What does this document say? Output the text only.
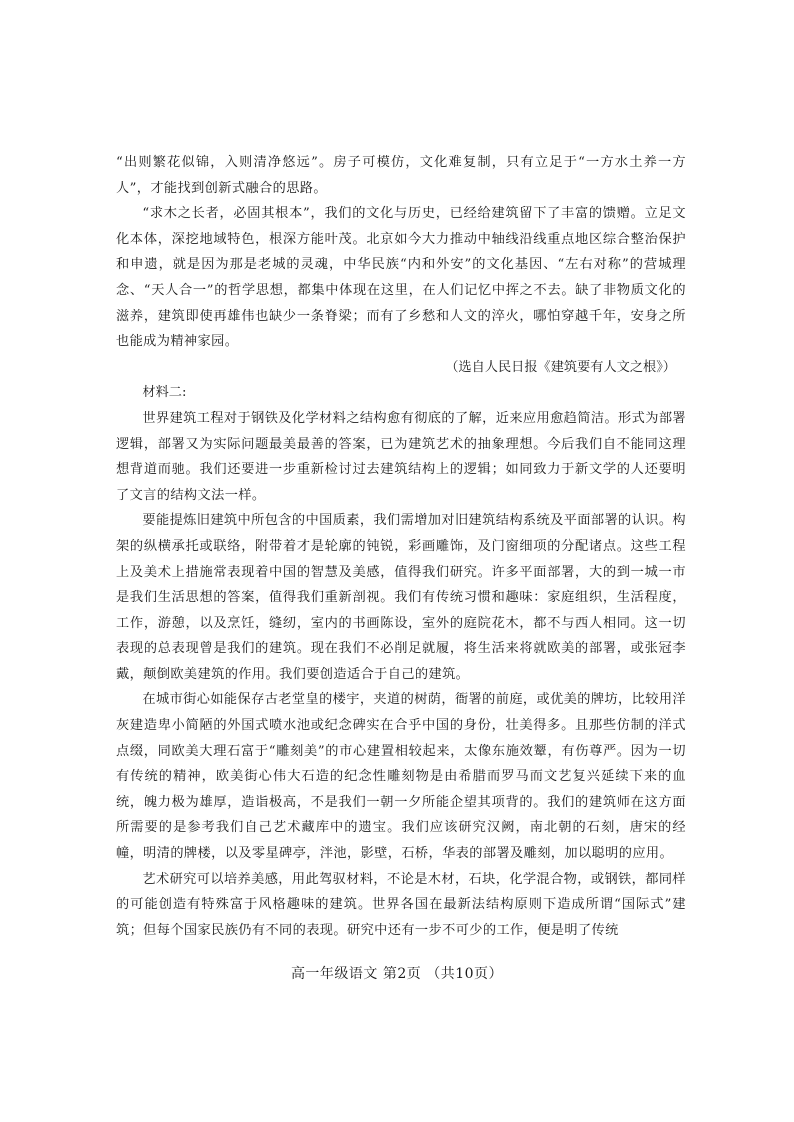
“出则繁花似锦，入则清净悠远”。房子可模仿，文化难复制，只有立足于“一方水土养一方人”，才能找到创新式融合的思路。

“求木之长者，必固其根本”，我们的文化与历史，已经给建筑留下了丰富的馈赠。立足文化本体，深挖地域特色，根深方能叶茂。北京如今大力推动中轴线沿线重点地区综合整治保护和申遗，就是因为那是老城的灵魂，中华民族“内和外安”的文化基因、“左右对称”的营城理念、“天人合一”的哲学思想，都集中体现在这里，在人们记忆中挥之不去。缺了非物质文化的滋养，建筑即使再雄伟也缺少一条脊梁；而有了乡愁和人文的淬火，哪怕穿越千年，安身之所也能成为精神家园。

（选自人民日报《建筑要有人文之根》）

材料二:

世界建筑工程对于钢铁及化学材料之结构愈有彻底的了解，近来应用愈趋简洁。形式为部署逻辑，部署又为实际问题最美最善的答案，已为建筑艺术的抽象理想。今后我们自不能同这理想背道而驰。我们还要进一步重新检讨过去建筑结构上的逻辑；如同致力于新文学的人还要明了文言的结构文法一样。

要能提炼旧建筑中所包含的中国质素，我们需增加对旧建筑结构系统及平面部署的认识。构架的纵横承托或联络，附带着才是轮廓的钝锐，彩画雕饰，及门窗细项的分配诸点。这些工程上及美术上措施常表现着中国的智慧及美感，值得我们研究。许多平面部署，大的到一城一市是我们生活思想的答案，值得我们重新剖视。我们有传统习惯和趣味：家庭组织，生活程度，工作，游憩，以及烹饪，缝纫，室内的书画陈设，室外的庭院花木，都不与西人相同。这一切表现的总表现曾是我们的建筑。现在我们不必削足就履，将生活来将就欧美的部署，或张冠李戴，颠倒欧美建筑的作用。我们要创造适合于自己的建筑。

在城市街心如能保存古老堂皇的楼宇，夹道的树荫，衙署的前庭，或优美的牌坊，比较用洋灰建造卑小简陋的外国式喷水池或纪念碑实在合乎中国的身份，壮美得多。且那些仿制的洋式点缀，同欧美大理石富于“雕刻美”的市心建置相较起来，太像东施效颦，有伤尊严。因为一切有传统的精神，欧美街心伟大石造的纪念性雕刻物是由希腊而罗马而文艺复兴延续下来的血统，魄力极为雄厚，造诣极高，不是我们一朝一夕所能企望其项背的。我们的建筑师在这方面所需要的是参考我们自己艺术藏库中的遗宝。我们应该研究汉阙，南北朝的石刻，唐宋的经幢，明清的牌楼，以及零星碑亭，泮池，影壁，石桥，华表的部署及雕刻，加以聪明的应用。

艺术研究可以培养美感，用此驾驭材料，不论是木材，石块，化学混合物，或钢铁，都同样的可能创造有特殊富于风格趣味的建筑。世界各国在最新法结构原则下造成所谓“国际式”建筑；但每个国家民族仍有不同的表现。研究中还有一步不可少的工作，便是明了传统

高一年级语文 第2页 （共10页）
